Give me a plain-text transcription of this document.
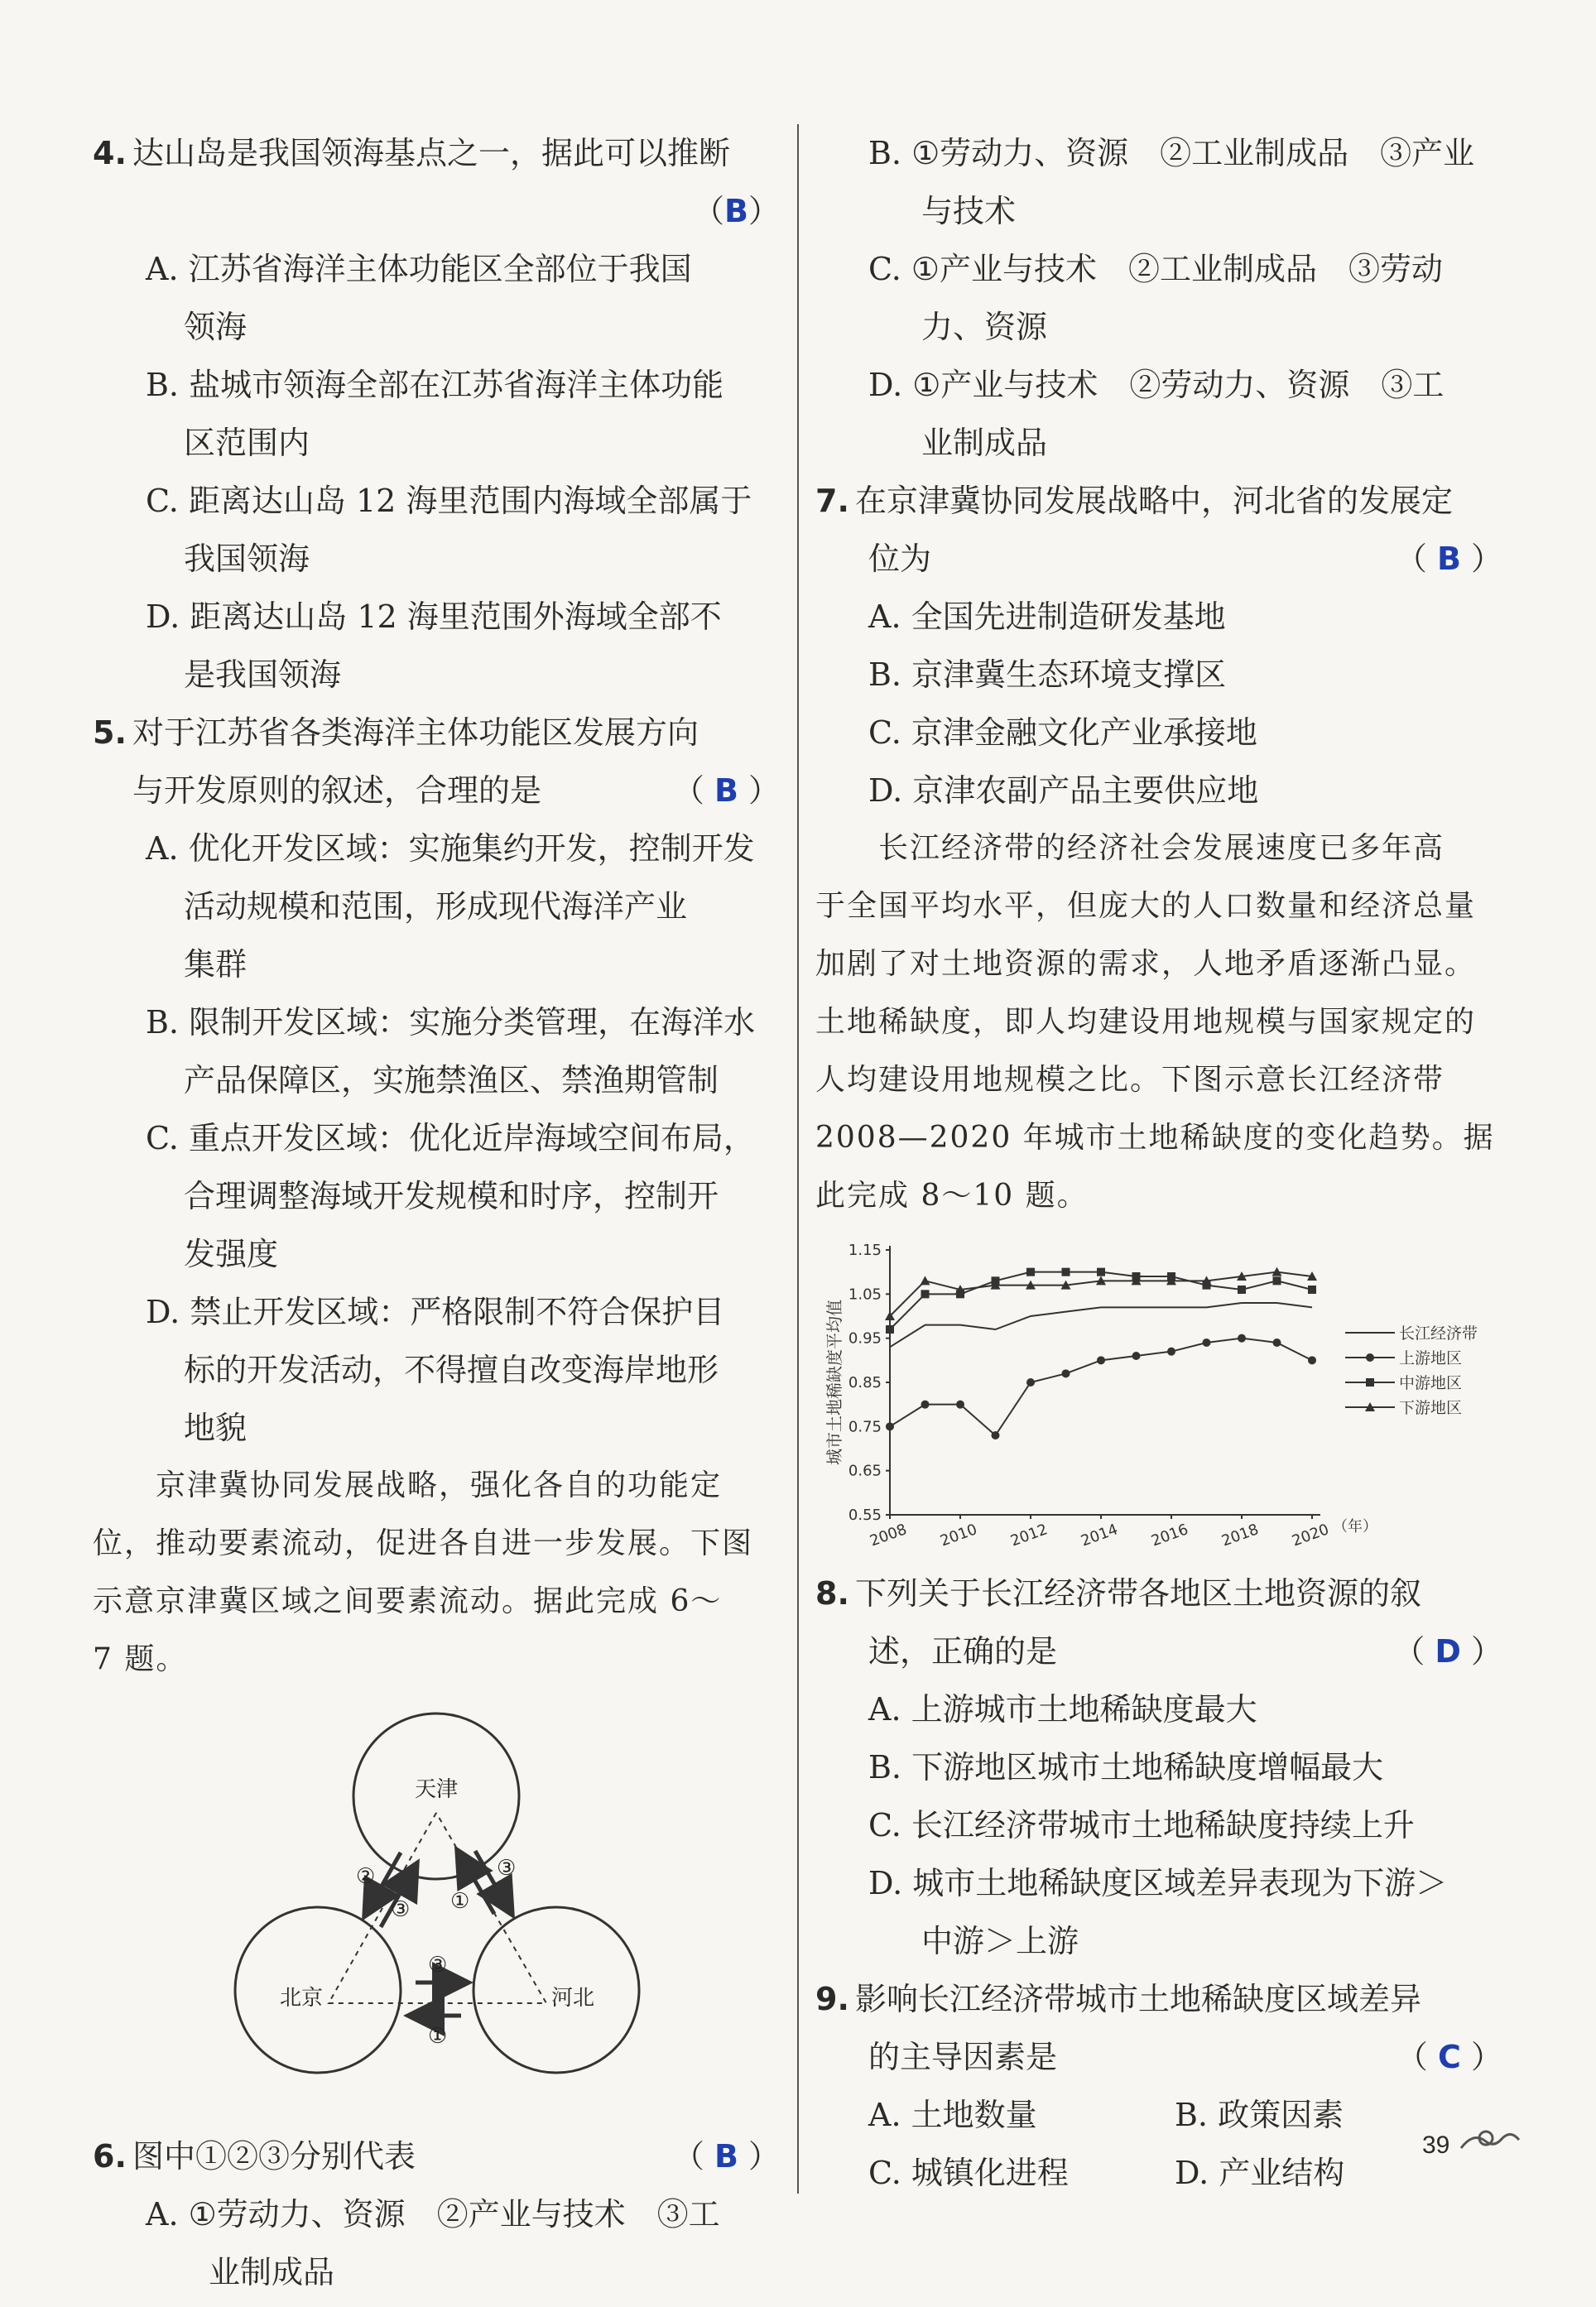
4. 达山岛是我国领海基点之一，据此可以推断
（B）
A. 江苏省海洋主体功能区全部位于我国
领海
B. 盐城市领海全部在江苏省海洋主体功能
区范围内
C. 距离达山岛 12 海里范围内海域全部属于
我国领海
D. 距离达山岛 12 海里范围外海域全部不
是我国领海
5. 对于江苏省各类海洋主体功能区发展方向
与开发原则的叙述，合理的是	（ B ）
A. 优化开发区域：实施集约开发，控制开发
活动规模和范围，形成现代海洋产业
集群
B. 限制开发区域：实施分类管理，在海洋水
产品保障区，实施禁渔区、禁渔期管制
C. 重点开发区域：优化近岸海域空间布局，
合理调整海域开发规模和时序，控制开
发强度
D. 禁止开发区域：严格限制不符合保护目
标的开发活动，不得擅自改变海岸地形
地貌
京津冀协同发展战略，强化各自的功能定
位，推动要素流动，促进各自进一步发展。下图
示意京津冀区域之间要素流动。据此完成 6～
7 题。
天津
北京	河北
②
③ ①
③
③
①
6. 图中①②③分别代表	（ B ）
A. ①劳动力、资源　②产业与技术　③工
业制成品
B. ①劳动力、资源　②工业制成品　③产业
与技术
C. ①产业与技术　②工业制成品　③劳动
力、资源
D. ①产业与技术　②劳动力、资源　③工
业制成品
7. 在京津冀协同发展战略中，河北省的发展定
位为	（ B ）
A. 全国先进制造研发基地
B. 京津冀生态环境支撑区
C. 京津金融文化产业承接地
D. 京津农副产品主要供应地
长江经济带的经济社会发展速度已多年高
于全国平均水平，但庞大的人口数量和经济总量
加剧了对土地资源的需求，人地矛盾逐渐凸显。
土地稀缺度，即人均建设用地规模与国家规定的
人均建设用地规模之比。下图示意长江经济带
2008—2020 年城市土地稀缺度的变化趋势。据
此完成 8～10 题。
0.55
0.65
0.75
0.85
0.95
1.05
1.15
2008 2010 2012 2014 2016 2018 2020 （年）
城市土地稀缺度平均值	长江经济带
上游地区
中游地区
下游地区
8. 下列关于长江经济带各地区土地资源的叙
述，正确的是	（ D ）
A. 上游城市土地稀缺度最大
B. 下游地区城市土地稀缺度增幅最大
C. 长江经济带城市土地稀缺度持续上升
D. 城市土地稀缺度区域差异表现为下游＞
中游＞上游
9. 影响长江经济带城市土地稀缺度区域差异
的主导因素是	（ C ）
A. 土地数量	B. 政策因素
C. 城镇化进程	D. 产业结构
39
